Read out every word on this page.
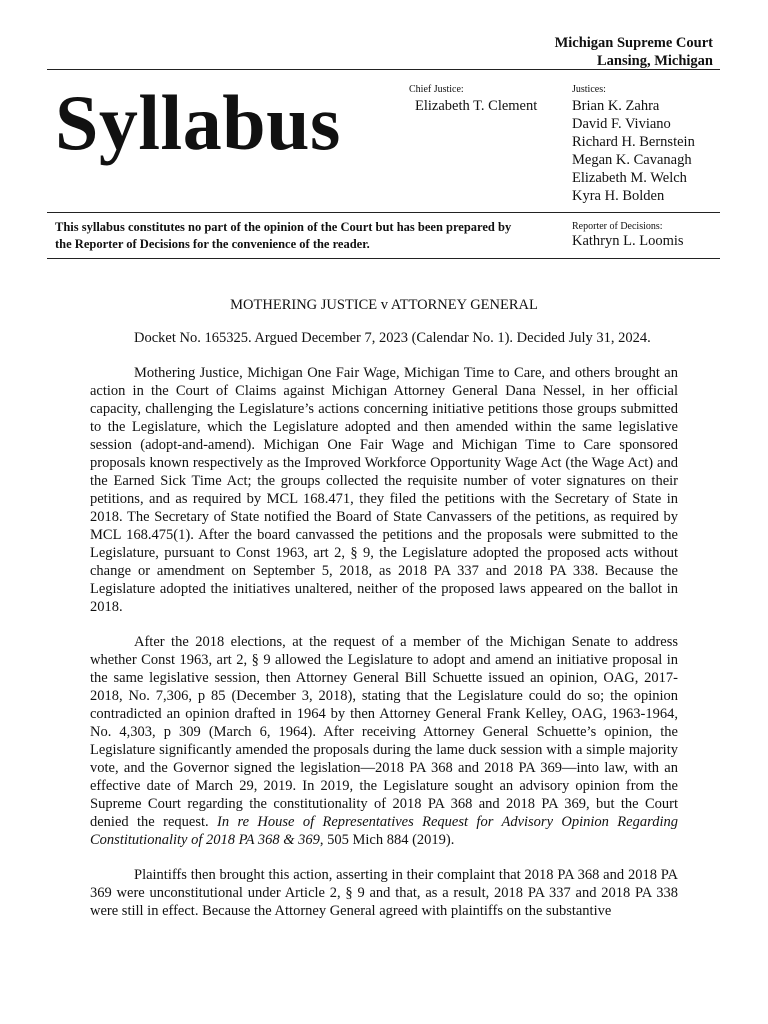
Michigan Supreme Court
Lansing, Michigan
Syllabus	Chief Justice:
Elizabeth T. Clement
Justices:
Brian K. Zahra
David F. Viviano
Richard H. Bernstein
Megan K. Cavanagh
Elizabeth M. Welch
Kyra H. Bolden
This syllabus constitutes no part of the opinion of the Court but has been prepared by the Reporter of Decisions for the convenience of the reader.
Reporter of Decisions:
Kathryn L. Loomis

MOTHERING JUSTICE v ATTORNEY GENERAL

Docket No. 165325. Argued December 7, 2023 (Calendar No. 1). Decided July 31, 2024.

Mothering Justice, Michigan One Fair Wage, Michigan Time to Care, and others brought an action in the Court of Claims against Michigan Attorney General Dana Nessel, in her official capacity, challenging the Legislature’s actions concerning initiative petitions those groups submitted to the Legislature, which the Legislature adopted and then amended within the same legislative session (adopt-and-amend). Michigan One Fair Wage and Michigan Time to Care sponsored proposals known respectively as the Improved Workforce Opportunity Wage Act (the Wage Act) and the Earned Sick Time Act; the groups collected the requisite number of voter signatures on their petitions, and as required by MCL 168.471, they filed the petitions with the Secretary of State in 2018. The Secretary of State notified the Board of State Canvassers of the petitions, as required by MCL 168.475(1). After the board canvassed the petitions and the proposals were submitted to the Legislature, pursuant to Const 1963, art 2, § 9, the Legislature adopted the proposed acts without change or amendment on September 5, 2018, as 2018 PA 337 and 2018 PA 338. Because the Legislature adopted the initiatives unaltered, neither of the proposed laws appeared on the ballot in 2018.

After the 2018 elections, at the request of a member of the Michigan Senate to address whether Const 1963, art 2, § 9 allowed the Legislature to adopt and amend an initiative proposal in the same legislative session, then Attorney General Bill Schuette issued an opinion, OAG, 2017-2018, No. 7,306, p 85 (December 3, 2018), stating that the Legislature could do so; the opinion contradicted an opinion drafted in 1964 by then Attorney General Frank Kelley, OAG, 1963-1964, No. 4,303, p 309 (March 6, 1964). After receiving Attorney General Schuette’s opinion, the Legislature significantly amended the proposals during the lame duck session with a simple majority vote, and the Governor signed the legislation—2018 PA 368 and 2018 PA 369—into law, with an effective date of March 29, 2019. In 2019, the Legislature sought an advisory opinion from the Supreme Court regarding the constitutionality of 2018 PA 368 and 2018 PA 369, but the Court denied the request. In re House of Representatives Request for Advisory Opinion Regarding Constitutionality of 2018 PA 368 & 369, 505 Mich 884 (2019).

Plaintiffs then brought this action, asserting in their complaint that 2018 PA 368 and 2018 PA 369 were unconstitutional under Article 2, § 9 and that, as a result, 2018 PA 337 and 2018 PA 338 were still in effect. Because the Attorney General agreed with plaintiffs on the substantive
